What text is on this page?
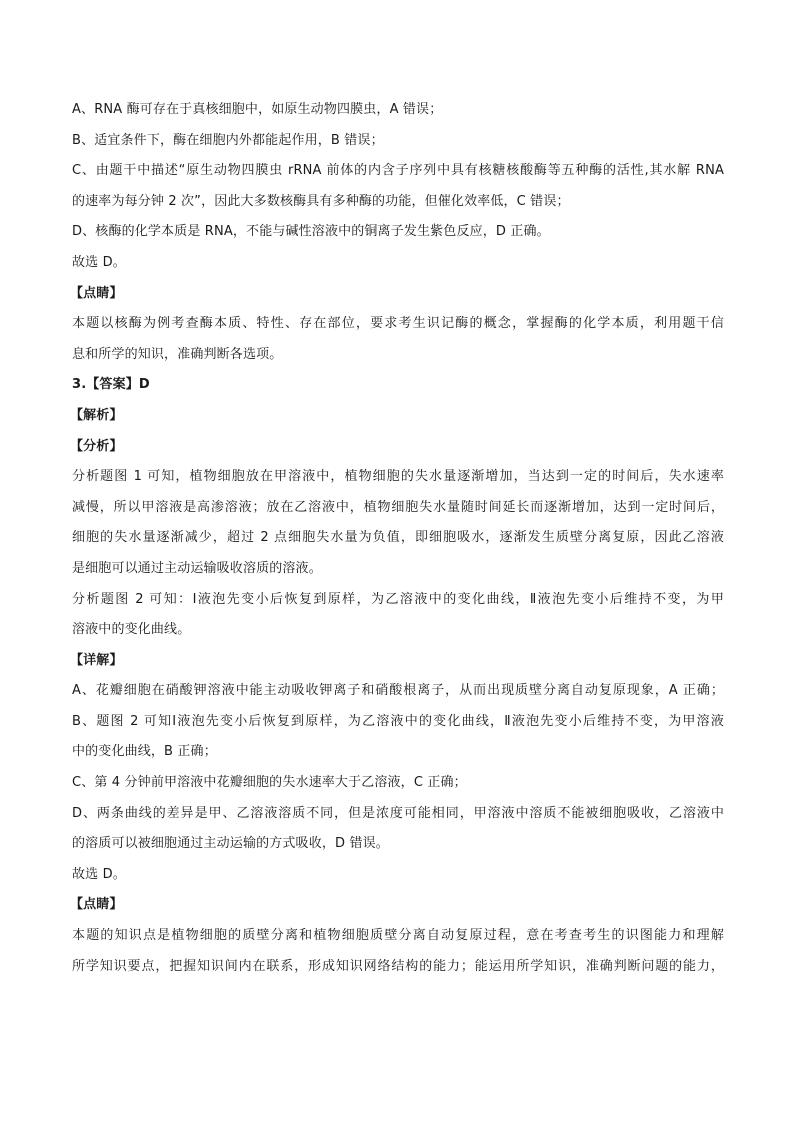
A、RNA 酶可存在于真核细胞中，如原生动物四膜虫，A 错误；
B、适宜条件下，酶在细胞内外都能起作用，B 错误；
C、由题干中描述“原生动物四膜虫 rRNA 前体的内含子序列中具有核糖核酸酶等五种酶的活性,其水解 RNA
的速率为每分钟 2 次”，因此大多数核酶具有多种酶的功能，但催化效率低，C 错误；
D、核酶的化学本质是 RNA，不能与碱性溶液中的铜离子发生紫色反应，D 正确。
故选 D。
【点睛】
本题以核酶为例考查酶本质、特性、存在部位，要求考生识记酶的概念，掌握酶的化学本质，利用题干信
息和所学的知识，准确判断各选项。
3.【答案】D
【解析】
【分析】
分析题图 1 可知，植物细胞放在甲溶液中，植物细胞的失水量逐渐增加，当达到一定的时间后，失水速率
减慢，所以甲溶液是高渗溶液；放在乙溶液中，植物细胞失水量随时间延长而逐渐增加，达到一定时间后，
细胞的失水量逐渐减少，超过 2 点细胞失水量为负值，即细胞吸水，逐渐发生质壁分离复原，因此乙溶液
是细胞可以通过主动运输吸收溶质的溶液。
分析题图 2 可知：Ⅰ液泡先变小后恢复到原样，为乙溶液中的变化曲线，Ⅱ液泡先变小后维持不变，为甲
溶液中的变化曲线。
【详解】
A、花瓣细胞在硝酸钾溶液中能主动吸收钾离子和硝酸根离子，从而出现质壁分离自动复原现象，A 正确；
B、题图 2 可知Ⅰ液泡先变小后恢复到原样，为乙溶液中的变化曲线，Ⅱ液泡先变小后维持不变，为甲溶液
中的变化曲线，B 正确；
C、第 4 分钟前甲溶液中花瓣细胞的失水速率大于乙溶液，C 正确；
D、两条曲线的差异是甲、乙溶液溶质不同，但是浓度可能相同，甲溶液中溶质不能被细胞吸收，乙溶液中
的溶质可以被细胞通过主动运输的方式吸收，D 错误。
故选 D。
【点睛】
本题的知识点是植物细胞的质壁分离和植物细胞质壁分离自动复原过程，意在考查考生的识图能力和理解
所学知识要点，把握知识间内在联系，形成知识网络结构的能力；能运用所学知识，准确判断问题的能力，
